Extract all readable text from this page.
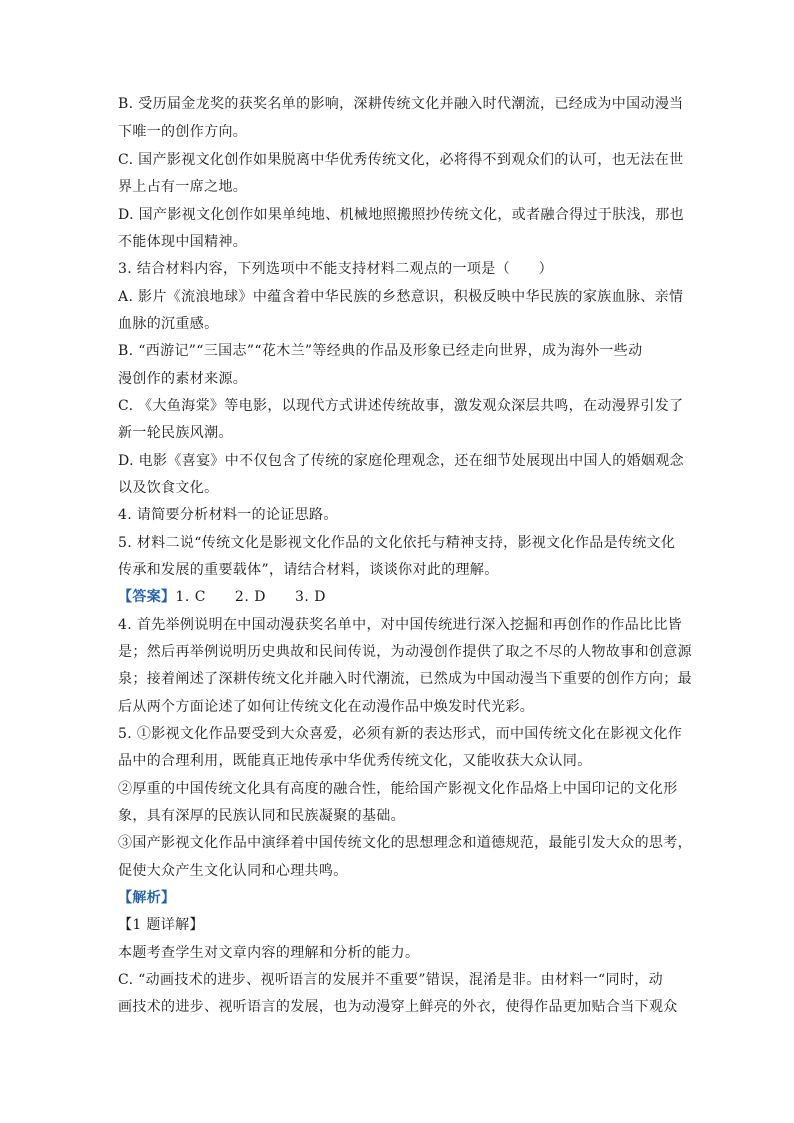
B. 受历届金龙奖的获奖名单的影响，深耕传统文化并融入时代潮流，已经成为中国动漫当
下唯一的创作方向。
C. 国产影视文化创作如果脱离中华优秀传统文化，必将得不到观众们的认可，也无法在世
界上占有一席之地。
D. 国产影视文化创作如果单纯地、机械地照搬照抄传统文化，或者融合得过于肤浅，那也
不能体现中国精神。
3. 结合材料内容，下列选项中不能支持材料二观点的一项是（　　）
A. 影片《流浪地球》中蕴含着中华民族的乡愁意识，积极反映中华民族的家族血脉、亲情
血脉的沉重感。
B. “西游记”“三国志”“花木兰”等经典的作品及形象已经走向世界，成为海外一些动
漫创作的素材来源。
C. 《大鱼海棠》等电影，以现代方式讲述传统故事，激发观众深层共鸣，在动漫界引发了
新一轮民族风潮。
D. 电影《喜宴》中不仅包含了传统的家庭伦理观念，还在细节处展现出中国人的婚姻观念
以及饮食文化。
4. 请简要分析材料一的论证思路。
5. 材料二说“传统文化是影视文化作品的文化依托与精神支持，影视文化作品是传统文化
传承和发展的重要载体”，请结合材料，谈谈你对此的理解。
【答案】1. C　　2. D　　3. D
4. 首先举例说明在中国动漫获奖名单中，对中国传统进行深入挖掘和再创作的作品比比皆
是；然后再举例说明历史典故和民间传说，为动漫创作提供了取之不尽的人物故事和创意源
泉；接着阐述了深耕传统文化并融入时代潮流，已然成为中国动漫当下重要的创作方向；最
后从两个方面论述了如何让传统文化在动漫作品中焕发时代光彩。
5. ①影视文化作品要受到大众喜爱，必须有新的表达形式，而中国传统文化在影视文化作
品中的合理利用，既能真正地传承中华优秀传统文化，又能收获大众认同。
②厚重的中国传统文化具有高度的融合性，能给国产影视文化作品烙上中国印记的文化形
象，具有深厚的民族认同和民族凝聚的基础。
③国产影视文化作品中演绎着中国传统文化的思想理念和道德规范，最能引发大众的思考，
促使大众产生文化认同和心理共鸣。
【解析】
【1 题详解】
本题考查学生对文章内容的理解和分析的能力。
C. “动画技术的进步、视听语言的发展并不重要”错误，混淆是非。由材料一“同时，动
画技术的进步、视听语言的发展，也为动漫穿上鲜亮的外衣，使得作品更加贴合当下观众
